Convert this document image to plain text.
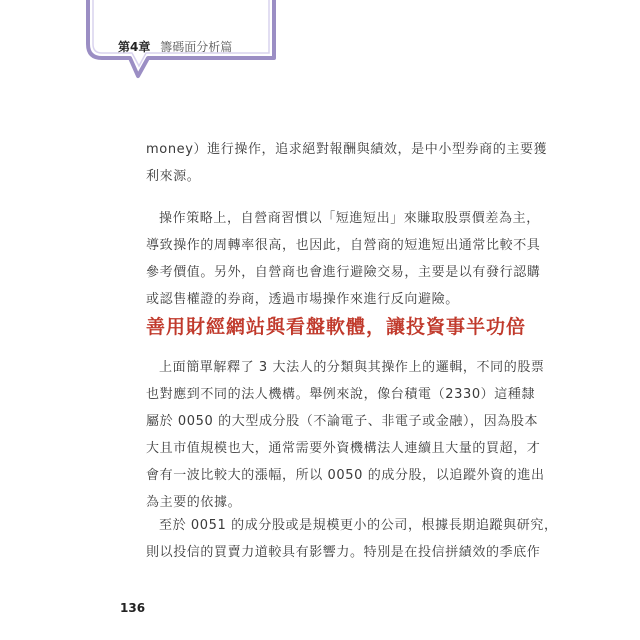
第4章 籌碼面分析篇
money）進行操作，追求絕對報酬與績效，是中小型券商的主要獲
利來源。
操作策略上，自營商習慣以「短進短出」來賺取股票價差為主，
導致操作的周轉率很高，也因此，自營商的短進短出通常比較不具
參考價值。另外，自營商也會進行避險交易，主要是以有發行認購
或認售權證的券商，透過市場操作來進行反向避險。
善用財經網站與看盤軟體，讓投資事半功倍
上面簡單解釋了 3 大法人的分類與其操作上的邏輯，不同的股票
也對應到不同的法人機構。舉例來說，像台積電（2330）這種隸
屬於 0050 的大型成分股（不論電子、非電子或金融），因為股本
大且市值規模也大，通常需要外資機構法人連續且大量的買超，才
會有一波比較大的漲幅，所以 0050 的成分股，以追蹤外資的進出
為主要的依據。
至於 0051 的成分股或是規模更小的公司，根據長期追蹤與研究，
則以投信的買賣力道較具有影響力。特別是在投信拼績效的季底作
136
